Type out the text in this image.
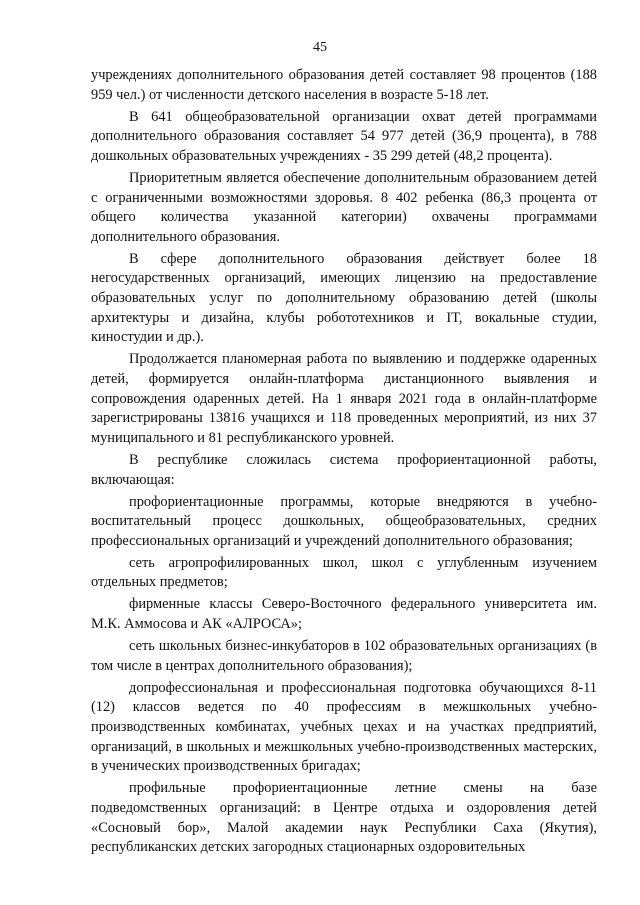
45

учреждениях дополнительного образования детей составляет 98 процентов (188 959 чел.) от численности детского населения в возрасте 5-18 лет.

В 641 общеобразовательной организации охват детей программами дополнительного образования составляет 54 977 детей (36,9 процента), в 788 дошкольных образовательных учреждениях - 35 299 детей (48,2 процента).

Приоритетным является обеспечение дополнительным образованием детей с ограниченными возможностями здоровья. 8 402 ребенка (86,3 процента от общего количества указанной категории) охвачены программами дополнительного образования.

В сфере дополнительного образования действует более 18 негосударственных организаций, имеющих лицензию на предоставление образовательных услуг по дополнительному образованию детей (школы архитектуры и дизайна, клубы робототехников и IT, вокальные студии, киностудии и др.).

Продолжается планомерная работа по выявлению и поддержке одаренных детей, формируется онлайн-платформа дистанционного выявления и сопровождения одаренных детей. На 1 января 2021 года в онлайн-платформе зарегистрированы 13816 учащихся и 118 проведенных мероприятий, из них 37 муниципального и 81 республиканского уровней.

В республике сложилась система профориентационной работы, включающая:

профориентационные программы, которые внедряются в учебно-воспитательный процесс дошкольных, общеобразовательных, средних профессиональных организаций и учреждений дополнительного образования;

сеть агропрофилированных школ, школ с углубленным изучением отдельных предметов;

фирменные классы Северо-Восточного федерального университета им. М.К. Аммосова и АК «АЛРОСА»;

сеть школьных бизнес-инкубаторов в 102 образовательных организациях (в том числе в центрах дополнительного образования);

допрофессиональная и профессиональная подготовка обучающихся 8-11 (12) классов ведется по 40 профессиям в межшкольных учебно-производственных комбинатах, учебных цехах и на участках предприятий, организаций, в школьных и межшкольных учебно-производственных мастерских, в ученических производственных бригадах;

профильные профориентационные летние смены на базе подведомственных организаций: в Центре отдыха и оздоровления детей «Сосновый бор», Малой академии наук Республики Саха (Якутия), республиканских детских загородных стационарных оздоровительных
